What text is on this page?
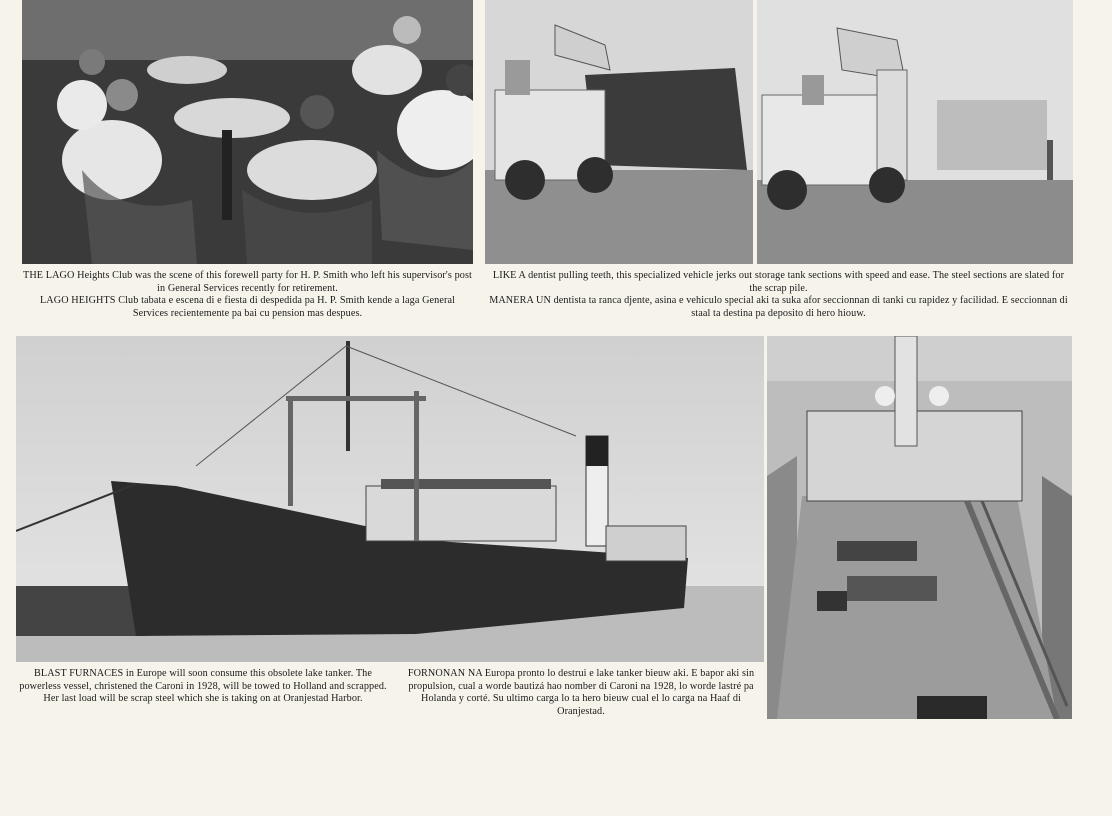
THE LAGO Heights Club was the scene of this forewell party for H. P. Smith who left his supervisor's post in General Services recently for retirement.

LAGO HEIGHTS Club tabata e escena di e fiesta di despedida pa H. P. Smith kende a laga General Services recientemente pa bai cu pension mas despues.

LIKE A dentist pulling teeth, this specialized vehicle jerks out storage tank sections with speed and ease. The steel sections are slated for the scrap pile.

MANERA UN dentista ta ranca djente, asina e vehiculo special aki ta suka afor seccionnan di tanki cu rapidez y facilidad. E seccionnan di staal ta destina pa deposito di hero hiouw.

BLAST FURNACES in Europe will soon consume this obsolete lake tanker. The powerless vessel, christened the Caroni in 1928, will be towed to Holland and scrapped. Her last load will be scrap steel which she is taking on at Oranjestad Harbor.

FORNONAN NA Europa pronto lo destrui e lake tanker bieuw aki. E bapor aki sin propulsion, cual a worde bautizá hao nomber di Caroni na 1928, lo worde lastré pa Holanda y corté. Su ultimo carga lo ta hero bieuw cual el lo carga na Haaf di Oranjestad.
